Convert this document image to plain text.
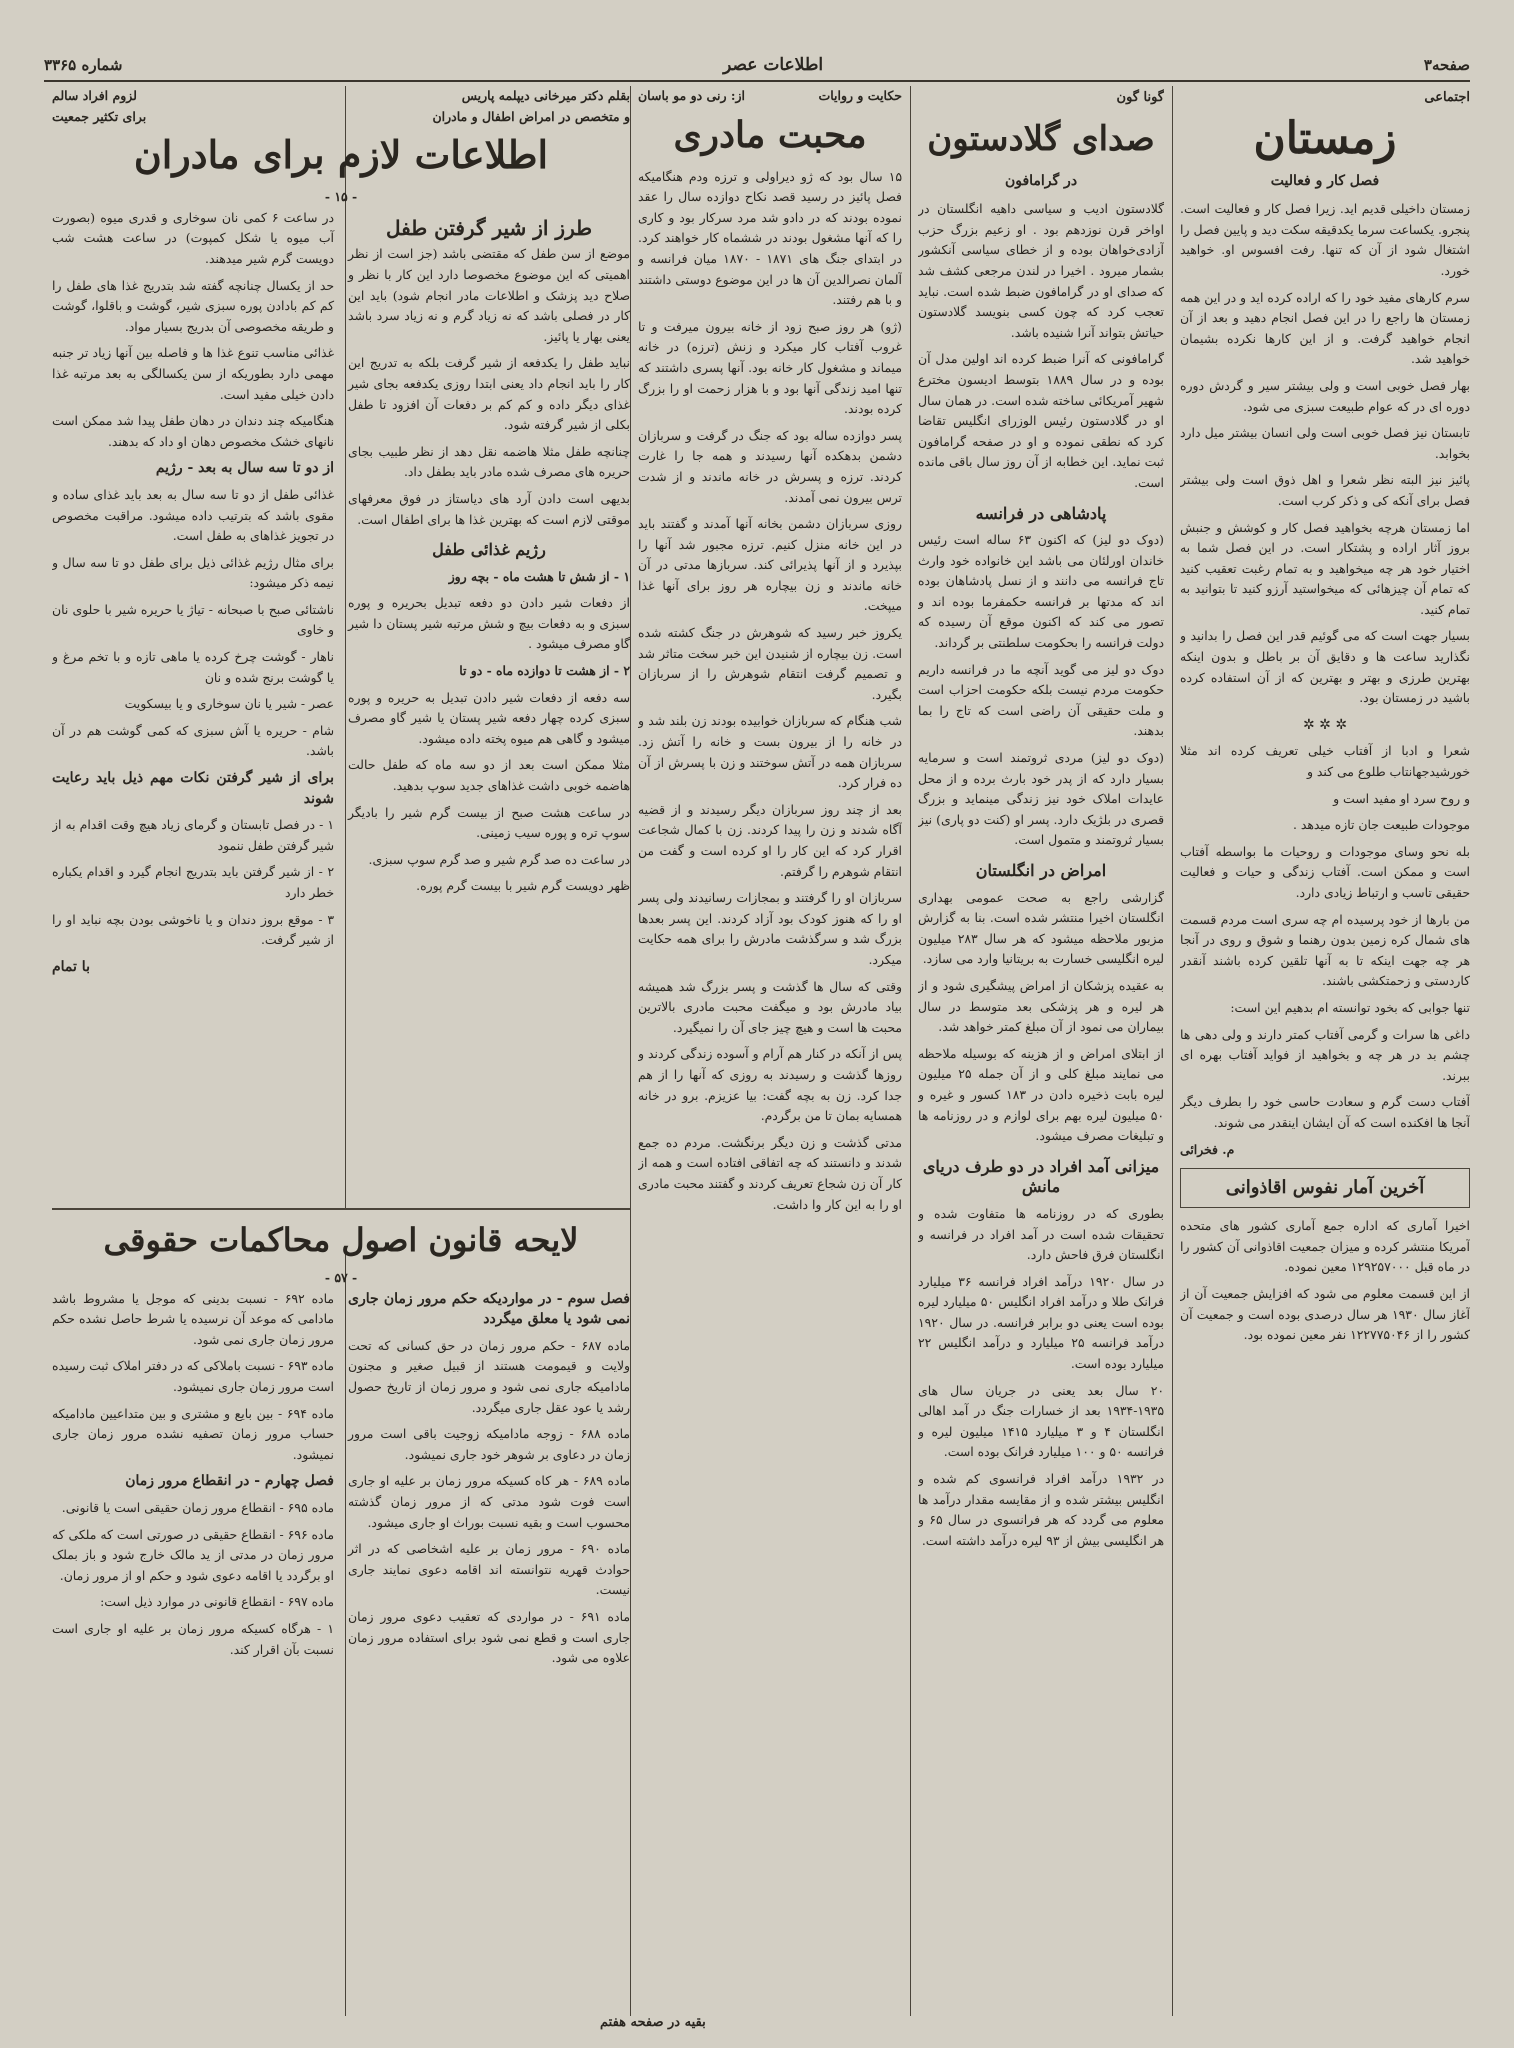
صفحه۳
اطلاعات عصر
شماره ۳۳۶۵
اجتماعی
زمستان
فصل کار و فعالیت

زمستان داخیلی قدیم اید. زیرا فصل کار و فعالیت است. پنجرو. یکساعت سرما یکدقیقه سکت دید و پایین فصل را اشتغال شود از آن که تنها. رفت افسوس او. خواهید خورد.

سرم کارهای مفید خود را که اراده کرده اید و در این همه زمستان ها راجع را در این فصل انجام دهید و بعد از آن انجام خواهید گرفت. و از این کارها نکرده بشیمان خواهید شد.

بهار فصل خوبی است و ولی بیشتر سیر و گردش دوره دوره ای در که عوام طبیعت سبزی می شود.

تابستان نیز فصل خوبی است ولی انسان بیشتر میل دارد بخوابد.

پائیز نیز البته نظر شعرا و اهل ذوق است ولی بیشتر فصل برای آنکه کی و ذکر کرب است.

اما زمستان هرچه بخواهید فصل کار و کوشش و جنبش بروز آثار اراده و پشتکار است. در این فصل شما به اختیار خود هر چه میخواهید و به تمام رغبت تعقیب کنید که تمام آن چیزهائی که میخواستید آرزو کنید تا بتوانید به تمام کنید.

بسیار جهت است که می گوئیم قدر این فصل را بدانید و نگذارید ساعت ها و دقایق آن بر باطل و بدون اینکه بهترین طرزی و بهتر و بهترین که از آن استفاده کرده باشید در زمستان بود.

✲ ✲ ✲

شعرا و ادبا از آفتاب خیلی تعریف کرده اند مثلا خورشیدجهانتاب طلوع می کند و

و روح سرد او مفید است و

موجودات طبیعت جان تازه میدهد .

بله نحو وسای موجودات و روحیات ما بواسطه آفتاب است و ممکن است. آفتاب زندگی و حیات و فعالیت حقیقی تاسب و ارتباط زیادی دارد.

من بارها از خود پرسیده ام چه سری است مردم قسمت های شمال کره زمین بدون رهنما و شوق و روی در آنجا هر چه جهت اینکه تا به آنها تلقین کرده باشند آنقدر کاردستی و زحمتکشی باشند.

تنها جوابی که بخود توانسته ام بدهیم این است:

داغی ها سرات و گرمی آفتاب کمتر دارند و ولی دهی ها چشم بد در هر چه و بخواهید از فواید آفتاب بهره ای ببرند.

آفتاب دست گرم و سعادت حاسی خود را بطرف دیگر آنجا ها افکنده است که آن ایشان اینقدر می شوند.

م. فخرائی

آخرین آمار نفوس اقاذوانی

اخیرا آماری که اداره جمع آماری کشور های متحده آمریکا منتشر کرده و میزان جمعیت اقاذوانی آن کشور را در ماه قبل ۱۲۹۲۵۷۰۰۰ معین نموده.

از این قسمت معلوم می شود که افزایش جمعیت آن از آغاز سال ۱۹۳۰ هر سال درصدی بوده است و جمعیت آن کشور را از ۱۲۲۷۷۵۰۴۶ نفر معین نموده بود.

گونا گون
صدای گلادستون
در گرامافون

گلادستون ادیب و سیاسی داهیه انگلستان در اواخر قرن نوزدهم بود . او زعیم بزرگ حزب آزادی‌خواهان بوده و از خطای سیاسی آنکشور بشمار میرود . اخیرا در لندن مرجعی کشف شد که صدای او در گرامافون ضبط شده است. نباید تعجب کرد که چون کسی بنویسد گلادستون حیاتش بتواند آنرا شنیده باشد.

گرامافونی که آنرا ضبط کرده اند اولین مدل آن بوده و در سال ۱۸۸۹ بتوسط ادیسون مخترع شهیر آمریکائی ساخته شده است. در همان سال او در گلادستون رئیس الوزرای انگلیس تقاضا کرد که نطقی نموده و او در صفحه گرامافون ثبت نماید. این خطابه از آن روز سال باقی مانده است.

پادشاهی در فرانسه

(دوک دو لیز) که اکنون ۶۳ ساله است رئیس خاندان اورلئان می باشد این خانواده خود وارث تاج فرانسه می دانند و از نسل پادشاهان بوده اند که مدتها بر فرانسه حکمفرما بوده اند و تصور می کند که اکنون موقع آن رسیده که دولت فرانسه را بحکومت سلطنتی بر گرداند.

دوک دو لیز می گوید آنچه ما در فرانسه داریم حکومت مردم نیست بلکه حکومت احزاب است و ملت حقیقی آن راضی است که تاج را بما بدهند.

(دوک دو لیز) مردی ثروتمند است و سرمایه بسیار دارد که از پدر خود بارث برده و از محل عایدات املاک خود نیز زندگی مینماید و بزرگ قصری در بلژیک دارد. پسر او (کنت دو پاری) نیز بسیار ثروتمند و متمول است.

امراض در انگلستان

گزارشی راجع به صحت عمومی بهداری انگلستان اخیرا منتشر شده است. بنا به گزارش مزبور ملاحظه میشود که هر سال ۲۸۳ میلیون لیره انگلیسی خسارت به بریتانیا وارد می سازد.

به عقیده پزشکان از امراض پیشگیری شود و از هر لیره و هر پزشکی بعد متوسط در سال بیماران می نمود از آن مبلغ کمتر خواهد شد.

از ابتلای امراض و از هزینه که بوسیله ملاحظه می نمایند مبلغ کلی و از آن جمله ۲۵ میلیون لیره بابت ذخیره دادن در ۱۸۳ کسور و غیره و ۵۰ میلیون لیره بهم برای لوازم و در روزنامه ها و تبلیغات مصرف میشود.

میزانی آمد افراد در دو طرف دریای مانش

بطوری که در روزنامه ها متفاوت شده و تحقیقات شده است در آمد افراد در فرانسه و انگلستان فرق فاحش دارد.

در سال ۱۹۲۰ درآمد افراد فرانسه ۳۶ میلیارد فرانک طلا و درآمد افراد انگلیس ۵۰ میلیارد لیره بوده است یعنی دو برابر فرانسه. در سال ۱۹۲۰ درآمد فرانسه ۲۵ میلیارد و درآمد انگلیس ۲۲ میلیارد بوده است.

۲۰ سال بعد یعنی در جریان سال های ۱۹۳۵-۱۹۳۴ بعد از خسارات جنگ در آمد اهالی انگلستان ۴ و ۳ میلیارد ۱۴۱۵ میلیون لیره و فرانسه ۵۰ و ۱۰۰ میلیارد فرانک بوده است.

در ۱۹۳۲ درآمد افراد فرانسوی کم شده و انگلیس بیشتر شده و از مقایسه مقدار درآمد ها معلوم می گردد که هر فرانسوی در سال ۶۵ و هر انگلیسی بیش از ۹۳ لیره درآمد داشته است.

حکایت و روایات
از: رنی دو مو باسان
محبت مادری

۱۵ سال بود که ژو دیراولی و ترزه ودم هنگامیکه فصل پائیز در رسید قصد نکاح دوازده سال را عقد نموده بودند که در دادو شد مرد سرکار بود و کاری را که آنها مشغول بودند در ششماه کار خواهند کرد. در ابتدای جنگ های ۱۸۷۱ - ۱۸۷۰ میان فرانسه و آلمان نصرالدین آن ها در این موضوع دوستی داشتند و با هم رفتند.

(ژو) هر روز صبح زود از خانه بیرون میرفت و تا غروب آفتاب کار میکرد و زنش (ترزه) در خانه میماند و مشغول کار خانه بود. آنها پسری داشتند که تنها امید زندگی آنها بود و با هزار زحمت او را بزرگ کرده بودند.

پسر دوازده ساله بود که جنگ در گرفت و سربازان دشمن بدهکده آنها رسیدند و همه جا را غارت کردند. ترزه و پسرش در خانه ماندند و از شدت ترس بیرون نمی آمدند.

روزی سربازان دشمن بخانه آنها آمدند و گفتند باید در این خانه منزل کنیم. ترزه مجبور شد آنها را بپذیرد و از آنها پذیرائی کند. سربازها مدتی در آن خانه ماندند و زن بیچاره هر روز برای آنها غذا میپخت.

یکروز خبر رسید که شوهرش در جنگ کشته شده است. زن بیچاره از شنیدن این خبر سخت متاثر شد و تصمیم گرفت انتقام شوهرش را از سربازان بگیرد.

شب هنگام که سربازان خوابیده بودند زن بلند شد و در خانه را از بیرون بست و خانه را آتش زد. سربازان همه در آتش سوختند و زن با پسرش از آن ده فرار کرد.

بعد از چند روز سربازان دیگر رسیدند و از قضیه آگاه شدند و زن را پیدا کردند. زن با کمال شجاعت اقرار کرد که این کار را او کرده است و گفت من انتقام شوهرم را گرفتم.

سربازان او را گرفتند و بمجازات رسانیدند ولی پسر او را که هنوز کودک بود آزاد کردند. این پسر بعدها بزرگ شد و سرگذشت مادرش را برای همه حکایت میکرد.

وقتی که سال ها گذشت و پسر بزرگ شد همیشه بیاد مادرش بود و میگفت محبت مادری بالاترین محبت ها است و هیچ چیز جای آن را نمیگیرد.

پس از آنکه در کنار هم آرام و آسوده زندگی کردند و روزها گذشت و رسیدند به روزی که آنها را از هم جدا کرد. زن به بچه گفت: بیا عزیزم. برو در خانه همسایه بمان تا من برگردم.

مدتی گذشت و زن دیگر برنگشت. مردم ده جمع شدند و دانستند که چه اتفاقی افتاده است و همه از کار آن زن شجاع تعریف کردند و گفتند محبت مادری او را به این کار وا داشت.

بقیه در صفحه هفتم
بقلم دکتر میرخانی دیپلمه پاریس
لزوم افراد سالم
و متخصص در امراض اطفال و مادران
برای تکثیر جمعیت
اطلاعات لازم برای مادران
- ۱۵ -
طرز از شیر گرفتن طفل

موضع از سن طفل که مقتضی باشد (جز است از نظر اهمیتی که این موضوع مخصوصا دارد این کار با نظر و صلاح دید پزشک و اطلاعات مادر انجام شود) باید این کار در فصلی باشد که نه زیاد گرم و نه زیاد سرد باشد یعنی بهار یا پائیز.

نباید طفل را یکدفعه از شیر گرفت بلکه به تدریج این کار را باید انجام داد یعنی ابتدا روزی یکدفعه بجای شیر غذای دیگر داده و کم کم بر دفعات آن افزود تا طفل بکلی از شیر گرفته شود.

چنانچه طفل مثلا هاضمه نقل دهد از نظر طبیب بجای حریره های مصرف شده مادر باید بطفل داد.

بدیهی است دادن آرد های دیاستاز در فوق معرفهای موقتی لازم است که بهترین غذا ها برای اطفال است.

رژیم غذائی طفل

۱ - از شش تا هشت ماه - بچه روز

از دفعات شیر دادن دو دفعه تبدیل بحریره و پوره سبزی و به دفعات بیچ و شش مرتبه شیر پستان دا شیر گاو مصرف میشود .

۲ - از هشت تا دوازده ماه - دو تا

سه دفعه از دفعات شیر دادن تبدیل به حریره و پوره سبزی کرده چهار دفعه شیر پستان یا شیر گاو مصرف میشود و گاهی هم میوه پخته داده میشود.

مثلا ممکن است بعد از دو سه ماه که طفل حالت هاضمه خوبی داشت غذاهای جدید سوپ بدهید.

در ساعت هشت صبح از بیست گرم شیر را بادیگر سوپ تره و پوره سیب زمینی.

در ساعت ده صد گرم شیر و صد گرم سوپ سبزی.

ظهر دویست گرم شیر با بیست گرم پوره.

در ساعت ۶ کمی نان سوخاری و قدری میوه (بصورت آب میوه یا شکل کمپوت) در ساعت هشت شب دویست گرم شیر میدهند.

حد از یکسال چنانچه گفته شد بتدریج غذا های طفل را کم کم بادادن پوره سبزی شیر، گوشت و باقلوا، گوشت و طریقه مخصوصی آن بدریج بسیار مواد.

غذائی مناسب تنوع غذا ها و فاصله بین آنها زیاد تر جنبه مهمی دارد بطوریکه از سن یکسالگی به بعد مرتبه غذا دادن خیلی مفید است.

هنگامیکه چند دندان در دهان طفل پیدا شد ممکن است نانهای خشک مخصوص دهان او داد که بدهند.

از دو تا سه سال به بعد - رژیم

غذائی طفل از دو تا سه سال به بعد باید غذای ساده و مقوی باشد که بترتیب داده میشود. مراقبت مخصوص در تجویز غذاهای به طفل است.

برای مثال رژیم غذائی ذیل برای طفل دو تا سه سال و نیمه ذکر میشود:

ناشتائی صبح با صبحانه - تیاژ یا حریره شیر با حلوی نان و خاوی

ناهار - گوشت چرخ کرده یا ماهی تازه و با تخم مرغ و یا گوشت برنج شده و نان

عصر - شیر یا نان سوخاری و یا بیسکویت

شام - حریره یا آش سبزی که کمی گوشت هم در آن باشد.

برای از شیر گرفتن نکات مهم ذیل باید رعایت شوند

۱ - در فصل تابستان و گرمای زیاد هیچ وقت اقدام به از شیر گرفتن طفل ننمود

۲ - از شیر گرفتن باید بتدریج انجام گیرد و اقدام یکباره خطر دارد

۳ - موقع بروز دندان و یا ناخوشی بودن بچه نباید او را از شیر گرفت.

با تمام

لایحه قانون اصول محاکمات حقوقی
- ۵۷ -

فصل سوم - در مواردیکه حکم مرور زمان جاری نمی شود یا معلق میگردد

ماده ۶۸۷ - حکم مرور زمان در حق کسانی که تحت ولایت و قیمومت هستند از قبیل صغیر و مجنون مادامیکه جاری نمی شود و مرور زمان از تاریخ حصول رشد یا عود عقل جاری میگردد.

ماده ۶۸۸ - زوجه مادامیکه زوجیت باقی است مرور زمان در دعاوی بر شوهر خود جاری نمیشود.

ماده ۶۸۹ - هر کاه کسیکه مرور زمان بر علیه او جاری است فوت شود مدتی که از مرور زمان گذشته محسوب است و بقیه نسبت بوراث او جاری میشود.

ماده ۶۹۰ - مرور زمان بر علیه اشخاصی که در اثر حوادث قهریه نتوانسته اند اقامه دعوی نمایند جاری نیست.

ماده ۶۹۱ - در مواردی که تعقیب دعوی مرور زمان جاری است و قطع نمی شود برای استفاده مرور زمان علاوه می شود.

ماده ۶۹۲ - نسبت بدینی که موجل یا مشروط باشد مادامی که موعد آن نرسیده یا شرط حاصل نشده حکم مرور زمان جاری نمی شود.

ماده ۶۹۳ - نسبت باملاکی که در دفتر املاک ثبت رسیده است مرور زمان جاری نمیشود.

ماده ۶۹۴ - بین بایع و مشتری و بین متداعیین مادامیکه حساب مرور زمان تصفیه نشده مرور زمان جاری نمیشود.

فصل چهارم - در انقطاع مرور زمان

ماده ۶۹۵ - انقطاع مرور زمان حقیقی است یا قانونی.

ماده ۶۹۶ - انقطاع حقیقی در صورتی است که ملکی که مرور زمان در مدتی از ید مالک خارج شود و باز بملک او برگردد یا اقامه دعوی شود و حکم او از مرور زمان.

ماده ۶۹۷ - انقطاع قانونی در موارد ذیل است:

۱ - هرگاه کسیکه مرور زمان بر علیه او جاری است نسبت بآن اقرار کند.
